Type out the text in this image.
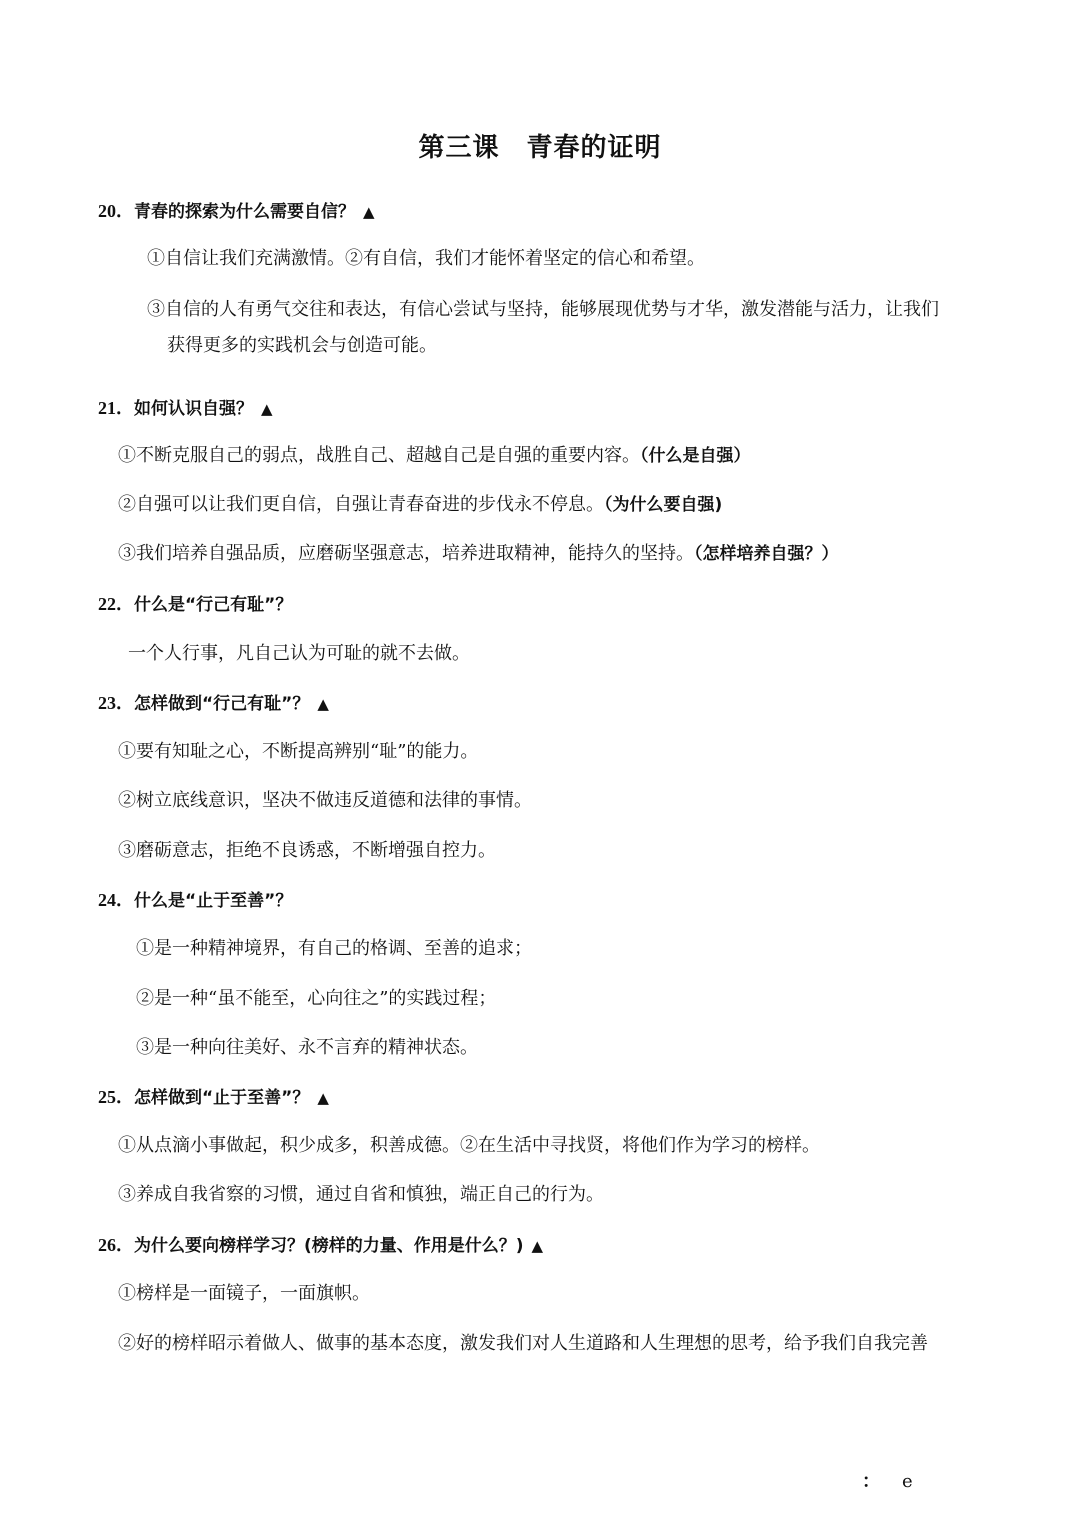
第三课　青春的证明
20．青春的探索为什么需要自信？ ▲
①自信让我们充满激情。②有自信，我们才能怀着坚定的信心和希望。
③自信的人有勇气交往和表达，有信心尝试与坚持，能够展现优势与才华，激发潜能与活力，让我们
获得更多的实践机会与创造可能。
21．如何认识自强？ ▲
①不断克服自己的弱点，战胜自己、超越自己是自强的重要内容。（什么是自强）
②自强可以让我们更自信，自强让青春奋进的步伐永不停息。（为什么要自强)
③我们培养自强品质，应磨砺坚强意志，培养进取精神，能持久的坚持。（怎样培养自强？）
22．什么是“行己有耻”？
一个人行事，凡自己认为可耻的就不去做。
23．怎样做到“行己有耻”？ ▲
①要有知耻之心，不断提高辨别“耻”的能力。
②树立底线意识，坚决不做违反道德和法律的事情。
③磨砺意志，拒绝不良诱惑，不断增强自控力。
24．什么是“止于至善”？
①是一种精神境界，有自己的格调、至善的追求；
②是一种“虽不能至，心向往之”的实践过程；
③是一种向往美好、永不言弃的精神状态。
25．怎样做到“止于至善”？ ▲
①从点滴小事做起，积少成多，积善成德。②在生活中寻找贤，将他们作为学习的榜样。
③养成自我省察的习惯，通过自省和慎独，端正自己的行为。
26．为什么要向榜样学习？(榜样的力量、作用是什么？) ▲
①榜样是一面镜子，一面旗帜。
②好的榜样昭示着做人、做事的基本态度，激发我们对人生道路和人生理想的思考，给予我们自我完善
： e
